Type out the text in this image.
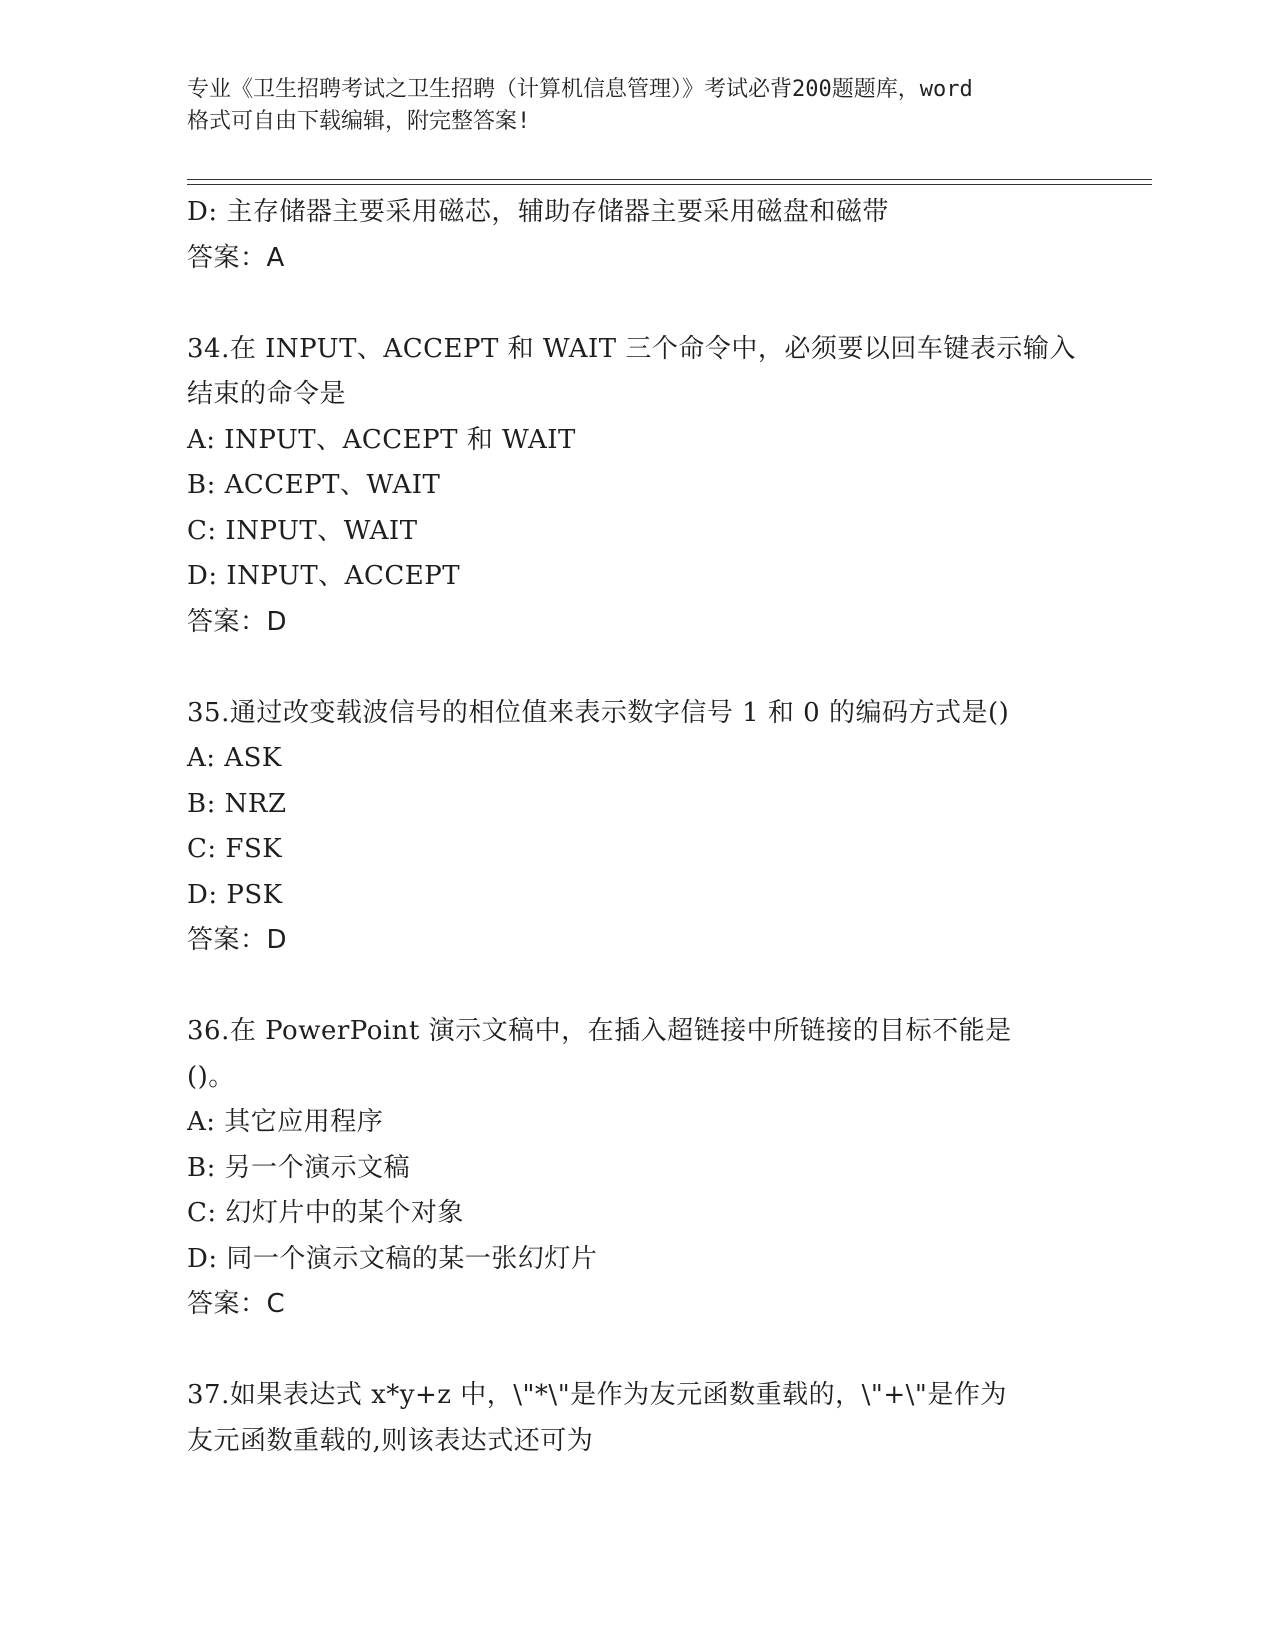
专业《卫生招聘考试之卫生招聘（计算机信息管理）》考试必背200题题库，word
格式可自由下载编辑，附完整答案!
D: 主存储器主要采用磁芯，辅助存储器主要采用磁盘和磁带
答案：A
34.在 INPUT、ACCEPT 和 WAIT 三个命令中，必须要以回车键表示输入
结束的命令是
A: INPUT、ACCEPT 和 WAIT
B: ACCEPT、WAIT
C: INPUT、WAIT
D: INPUT、ACCEPT
答案：D
35.通过改变载波信号的相位值来表示数字信号 1 和 0 的编码方式是()
A: ASK
B: NRZ
C: FSK
D: PSK
答案：D
36.在 PowerPoint 演示文稿中，在插入超链接中所链接的目标不能是
()。
A: 其它应用程序
B: 另一个演示文稿
C: 幻灯片中的某个对象
D: 同一个演示文稿的某一张幻灯片
答案：C
37.如果表达式 x*y+z 中，\"*\"是作为友元函数重载的，\"+\"是作为
友元函数重载的,则该表达式还可为
